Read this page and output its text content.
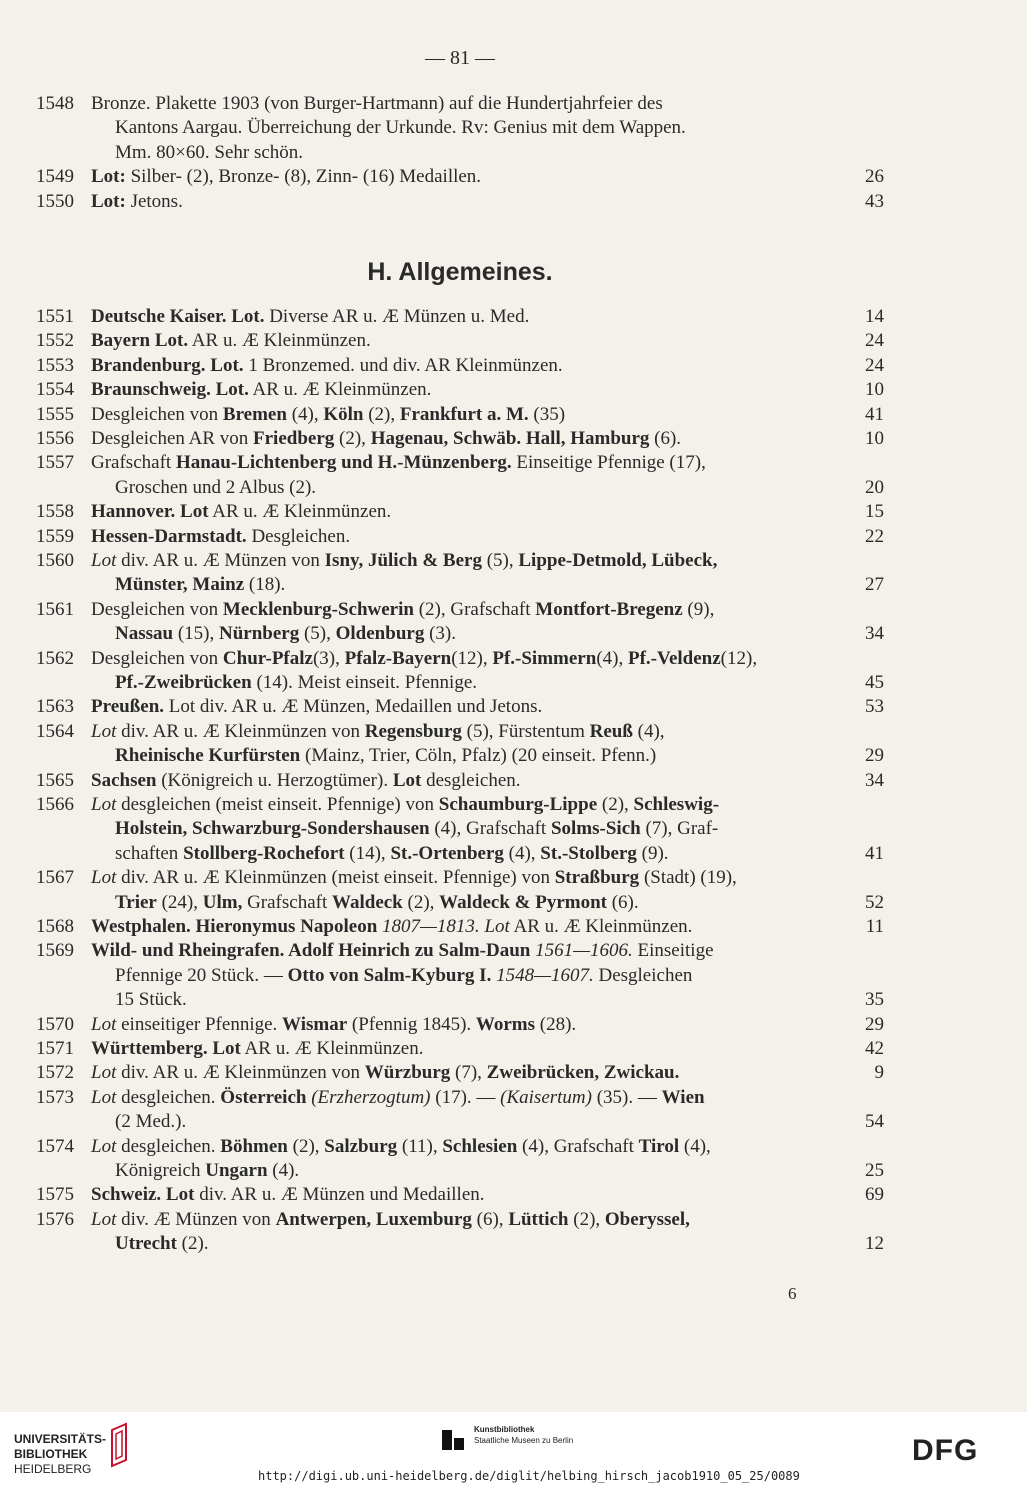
— 81 —
1548 Bronze. Plakette 1903 (von Burger-Hartmann) auf die Hundertjahrfeier des
Kantons Aargau. Überreichung der Urkunde. Rv: Genius mit dem Wappen.
Mm. 80×60. Sehr schön.
1549 Lot: Silber- (2), Bronze- (8), Zinn- (16) Medaillen.	26
1550 Lot: Jetons.	43
H. Allgemeines.
1551 Deutsche Kaiser. Lot. Diverse AR u. Æ Münzen u. Med.	14
1552 Bayern Lot. AR u. Æ Kleinmünzen.	24
1553 Brandenburg. Lot. 1 Bronzemed. und div. AR Kleinmünzen.	24
1554 Braunschweig. Lot. AR u. Æ Kleinmünzen.	10
1555 Desgleichen von Bremen (4), Köln (2), Frankfurt a. M. (35)	41
1556 Desgleichen AR von Friedberg (2), Hagenau, Schwäb. Hall, Hamburg (6).	10
1557 Grafschaft Hanau-Lichtenberg und H.-Münzenberg. Einseitige Pfennige (17),
Groschen und 2 Albus (2).	20
1558 Hannover. Lot AR u. Æ Kleinmünzen.	15
1559 Hessen-Darmstadt. Desgleichen.	22
1560 Lot div. AR u. Æ Münzen von Isny, Jülich & Berg (5), Lippe-Detmold, Lübeck,
Münster, Mainz (18).	27
1561 Desgleichen von Mecklenburg-Schwerin (2), Grafschaft Montfort-Bregenz (9),
Nassau (15), Nürnberg (5), Oldenburg (3).	34
1562 Desgleichen von Chur-Pfalz(3), Pfalz-Bayern(12), Pf.-Simmern(4), Pf.-Veldenz(12),
Pf.-Zweibrücken (14). Meist einseit. Pfennige.	45
1563 Preußen. Lot div. AR u. Æ Münzen, Medaillen und Jetons.	53
1564 Lot div. AR u. Æ Kleinmünzen von Regensburg (5), Fürstentum Reuß (4),
Rheinische Kurfürsten (Mainz, Trier, Cöln, Pfalz) (20 einseit. Pfenn.)	29
1565 Sachsen (Königreich u. Herzogtümer). Lot desgleichen.	34
1566 Lot desgleichen (meist einseit. Pfennige) von Schaumburg-Lippe (2), Schleswig-
Holstein, Schwarzburg-Sondershausen (4), Grafschaft Solms-Sich (7), Graf-
schaften Stollberg-Rochefort (14), St.-Ortenberg (4), St.-Stolberg (9).	41
1567 Lot div. AR u. Æ Kleinmünzen (meist einseit. Pfennige) von Straßburg (Stadt) (19),
Trier (24), Ulm, Grafschaft Waldeck (2), Waldeck & Pyrmont (6).	52
1568 Westphalen. Hieronymus Napoleon 1807—1813. Lot AR u. Æ Kleinmünzen.	11
1569 Wild- und Rheingrafen. Adolf Heinrich zu Salm-Daun 1561—1606. Einseitige
Pfennige 20 Stück. — Otto von Salm-Kyburg I. 1548—1607. Desgleichen
15 Stück.	35
1570 Lot einseitiger Pfennige. Wismar (Pfennig 1845). Worms (28).	29
1571 Württemberg. Lot AR u. Æ Kleinmünzen.	42
1572 Lot div. AR u. Æ Kleinmünzen von Würzburg (7), Zweibrücken, Zwickau.	9
1573 Lot desgleichen. Österreich (Erzherzogtum) (17). — (Kaisertum) (35). — Wien
(2 Med.).	54
1574 Lot desgleichen. Böhmen (2), Salzburg (11), Schlesien (4), Grafschaft Tirol (4),
Königreich Ungarn (4).	25
1575 Schweiz. Lot div. AR u. Æ Münzen und Medaillen.	69
1576 Lot div. Æ Münzen von Antwerpen, Luxemburg (6), Lüttich (2), Oberyssel,
Utrecht (2).	12
6
UNIVERSITÄTS-
BIBLIOTHEK
HEIDELBERG
Kunstbibliothek
Staatliche Museen zu Berlin	DFG
http://digi.ub.uni-heidelberg.de/diglit/helbing_hirsch_jacob1910_05_25/0089
